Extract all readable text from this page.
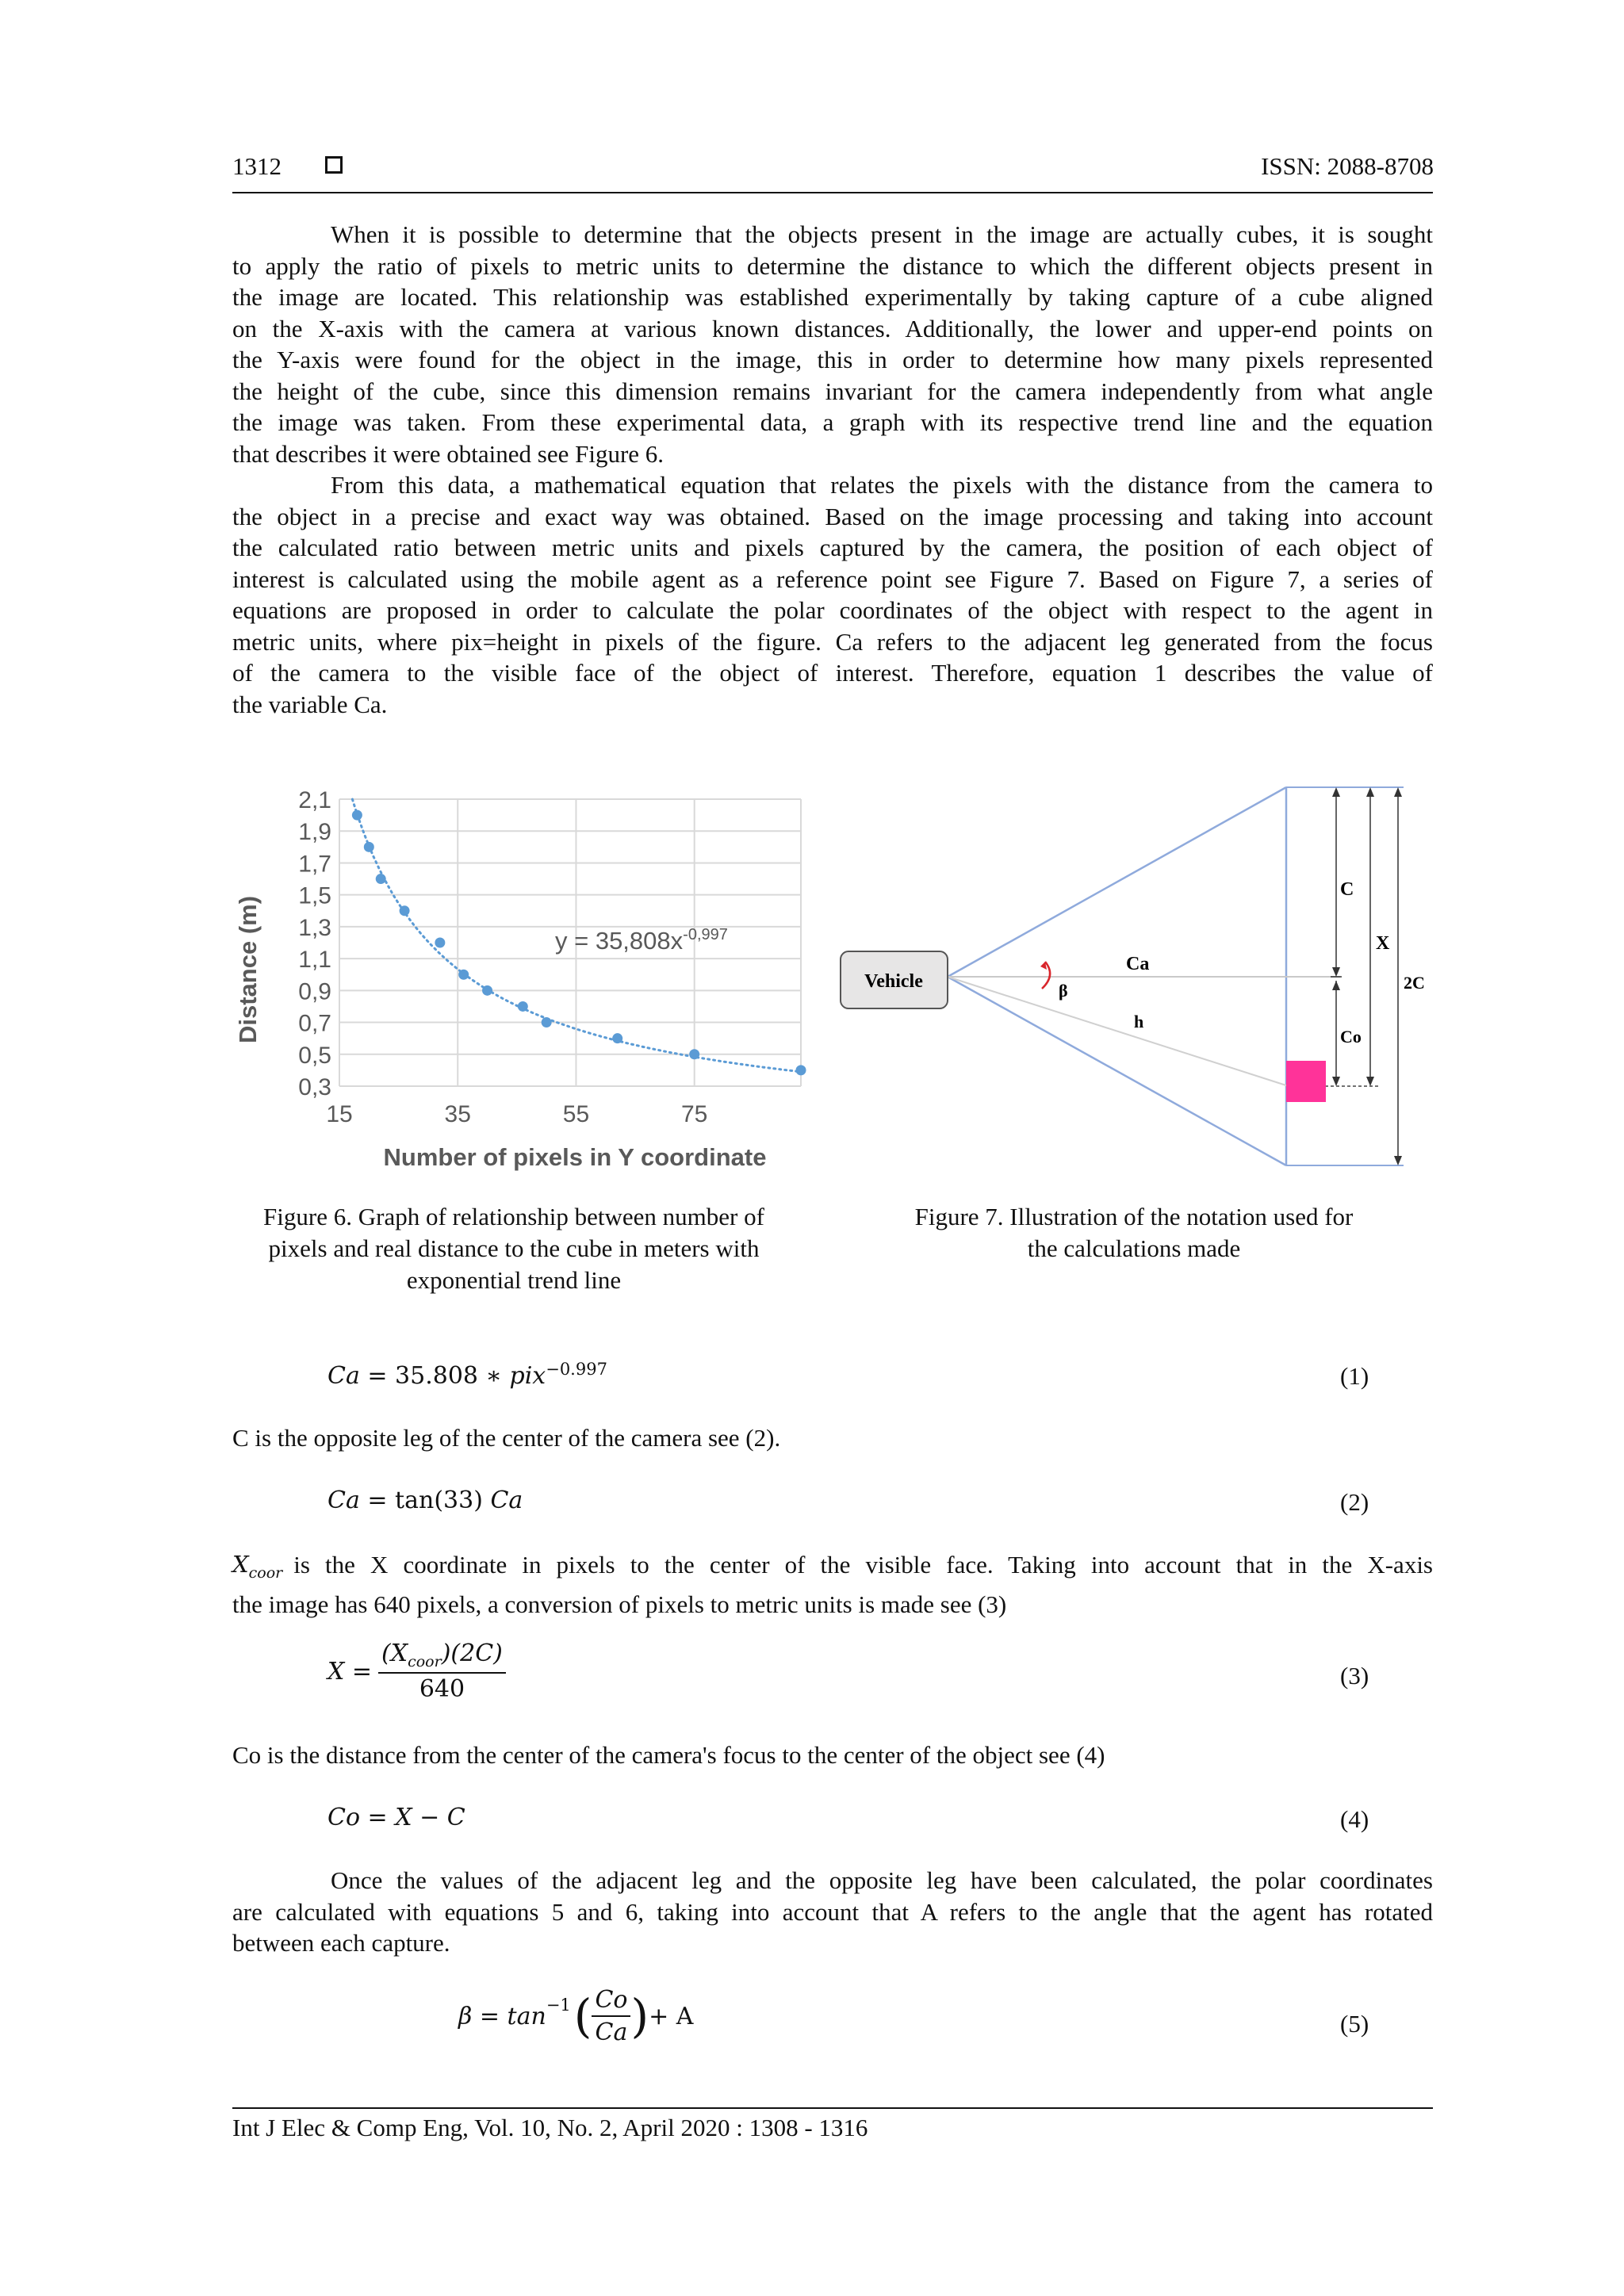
1312	ISSN: 2088-8708
When it is possible to determine that the objects present in the image are actually cubes, it is sought
to apply the ratio of pixels to metric units to determine the distance to which the different objects present in
the image are located. This relationship was established experimentally by taking capture of a cube aligned
on the X-axis with the camera at various known distances. Additionally, the lower and upper-end points on
the Y-axis were found for the object in the image, this in order to determine how many pixels represented
the height of the cube, since this dimension remains invariant for the camera independently from what angle
the image was taken. From these experimental data, a graph with its respective trend line and the equation
that describes it were obtained see Figure 6.
From this data, a mathematical equation that relates the pixels with the distance from the camera to
the object in a precise and exact way was obtained. Based on the image processing and taking into account
the calculated ratio between metric units and pixels captured by the camera, the position of each object of
interest is calculated using the mobile agent as a reference point see Figure 7. Based on Figure 7, a series of
equations are proposed in order to calculate the polar coordinates of the object with respect to the agent in
metric units, where pix=height in pixels of the figure. Ca refers to the adjacent leg generated from the focus
of the camera to the visible face of the object of interest. Therefore, equation 1 describes the value of
the variable Ca.
2,1
1,9
1,7
1,5
1,3
1,1
0,9
0,7
0,5
0,3
15	35	55	75
$y = 35,808x^{-0,997}$
Number of pixels in Y coordinate
Distance (m)	Vehicle	β
Ca
h
C
Co
X
2C
Figure 6. Graph of relationship between number of
pixels and real distance to the cube in meters with
exponential trend line
Figure 7. Illustration of the notation used for
the calculations made
Ca = 35.808 ∗ pix$^{-0.997}$	(1)
C is the opposite leg of the center of the camera see (2).
Ca = tan(33) Ca	(2)
$X_{coor}$ is the X coordinate in pixels to the center of the visible face. Taking into account that in the X-axis
the image has 640 pixels, a conversion of pixels to metric units is made see (3)
$X = \frac{(X_{coor})(2C)}{640}$	(3)
Co is the distance from the center of the camera's focus to the center of the object see (4)
Co = X − C	(4)
Once the values of the adjacent leg and the opposite leg have been calculated, the polar coordinates
are calculated with equations 5 and 6, taking into account that A refers to the angle that the agent has rotated
between each capture.
$\beta = \tan^{-1}$ ( $\frac{Co}{Ca}$ ) + A	(5)
Int J Elec & Comp Eng, Vol. 10, No. 2, April 2020 : 1308 - 1316
